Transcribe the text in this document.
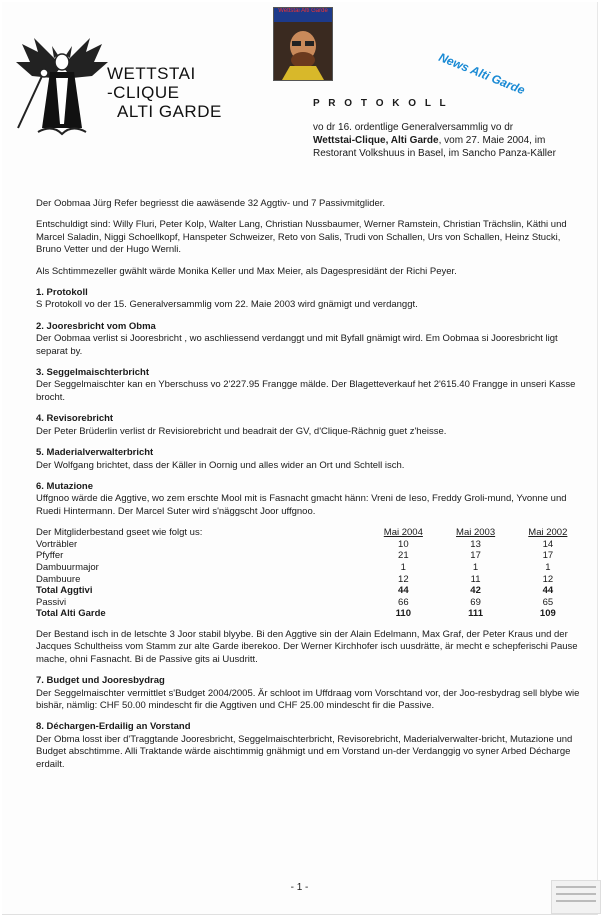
WETTSTAI
-CLIQUE
ALTI GARDE
Wettstai Alti Garde
News Alti Garde
P R O T O K O L L
vo dr 16. ordentlige Generalversammlig vo dr
Wettstai-Clique, Alti Garde, vom 27. Maie 2004, im Restorant Volkshuus in Basel, im Sancho Panza-Käller

Der Oobmaa Jürg Refer begriesst die aawäsende 32 Aggtiv- und 7 Passivmitglider.

Entschuldigt sind: Willy Fluri, Peter Kolp, Walter Lang, Christian Nussbaumer, Werner Ramstein, Christian Trächslin, Käthi und Marcel Saladin, Niggi Schoellkopf, Hanspeter Schweizer, Reto von Salis, Trudi von Schallen, Urs von Schallen, Heinz Stucki, Bruno Vetter und der Hugo Wernli.

Als Schtimmezeller gwählt wärde Monika Keller und Max Meier, als Dagespresidänt der Richi Peyer.

1. Protokoll
S Protokoll vo der 15. Generalversammlig vom 22. Maie 2003 wird gnämigt und verdanggt.
2. Jooresbricht vom Obma
Der Oobmaa verlist si Jooresbricht , wo aschliessend verdanggt und mit Byfall gnämigt wird. Em Oobmaa si Jooresbricht ligt separat by.
3. Seggelmaischterbricht
Der Seggelmaischter kan en Yberschuss vo 2'227.95 Frangge mälde. Der Blagetteverkauf het 2'615.40 Frangge in unseri Kasse brocht.
4. Revisorebricht
Der Peter Brüderlin verlist dr Revisiorebricht und beadrait der GV, d'Clique-Rächnig guet z'heisse.
5. Maderialverwalterbricht
Der Wolfgang brichtet, dass der Käller in Oornig und alles wider an Ort und Schtell isch.
6. Mutazione
Uffgnoo wärde die Aggtive, wo zem erschte Mool mit is Fasnacht gmacht hänn: Vreni de Ieso, Freddy Groli-mund, Yvonne und Ruedi Hintermann. Der Marcel Suter wird s'näggscht Joor uffgnoo.
Der Mitgliderbestand gseet wie folgt us:	Mai 2004	Mai 2003	Mai 2002
Vorträbler	10	13	14
Pfyffer	21	17	17
Dambuurmajor	1	1	1
Dambuure	12	11	12
Total Aggtivi	44	42	44
Passivi	66	69	65
Total Alti Garde	110	111	109

Der Bestand isch in de letschte 3 Joor stabil blyybe. Bi den Aggtive sin der Alain Edelmann, Max Graf, der Peter Kraus und der Jacques Schultheiss vom Stamm zur alte Garde iberekoo. Der Werner Kirchhofer isch uusdrätte, är mecht e schepferischi Pause mache, ohni Fasnacht. Bi de Passive gits ai Uusdritt.

7. Budget und Jooresbydrag
Der Seggelmaischter vermittlet s'Budget 2004/2005. Är schloot im Uffdraag vom Vorschtand vor, der Joo-resbydrag sell blybe wie bishär, nämlig: CHF 50.00 mindescht fir die Aggtiven und CHF 25.00 mindescht fir die Passive.
8. Déchargen-Erdailig an Vorstand
Der Obma losst iber d'Traggtande Jooresbricht, Seggelmaischterbricht, Revisorebricht, Maderialverwalter-bricht, Mutazione und Budget abschtimme. Alli Traktande wärde aischtimmig gnähmigt und em Vorstand un-der Verdanggig vo syner Arbed Décharge erdailt.
- 1 -
